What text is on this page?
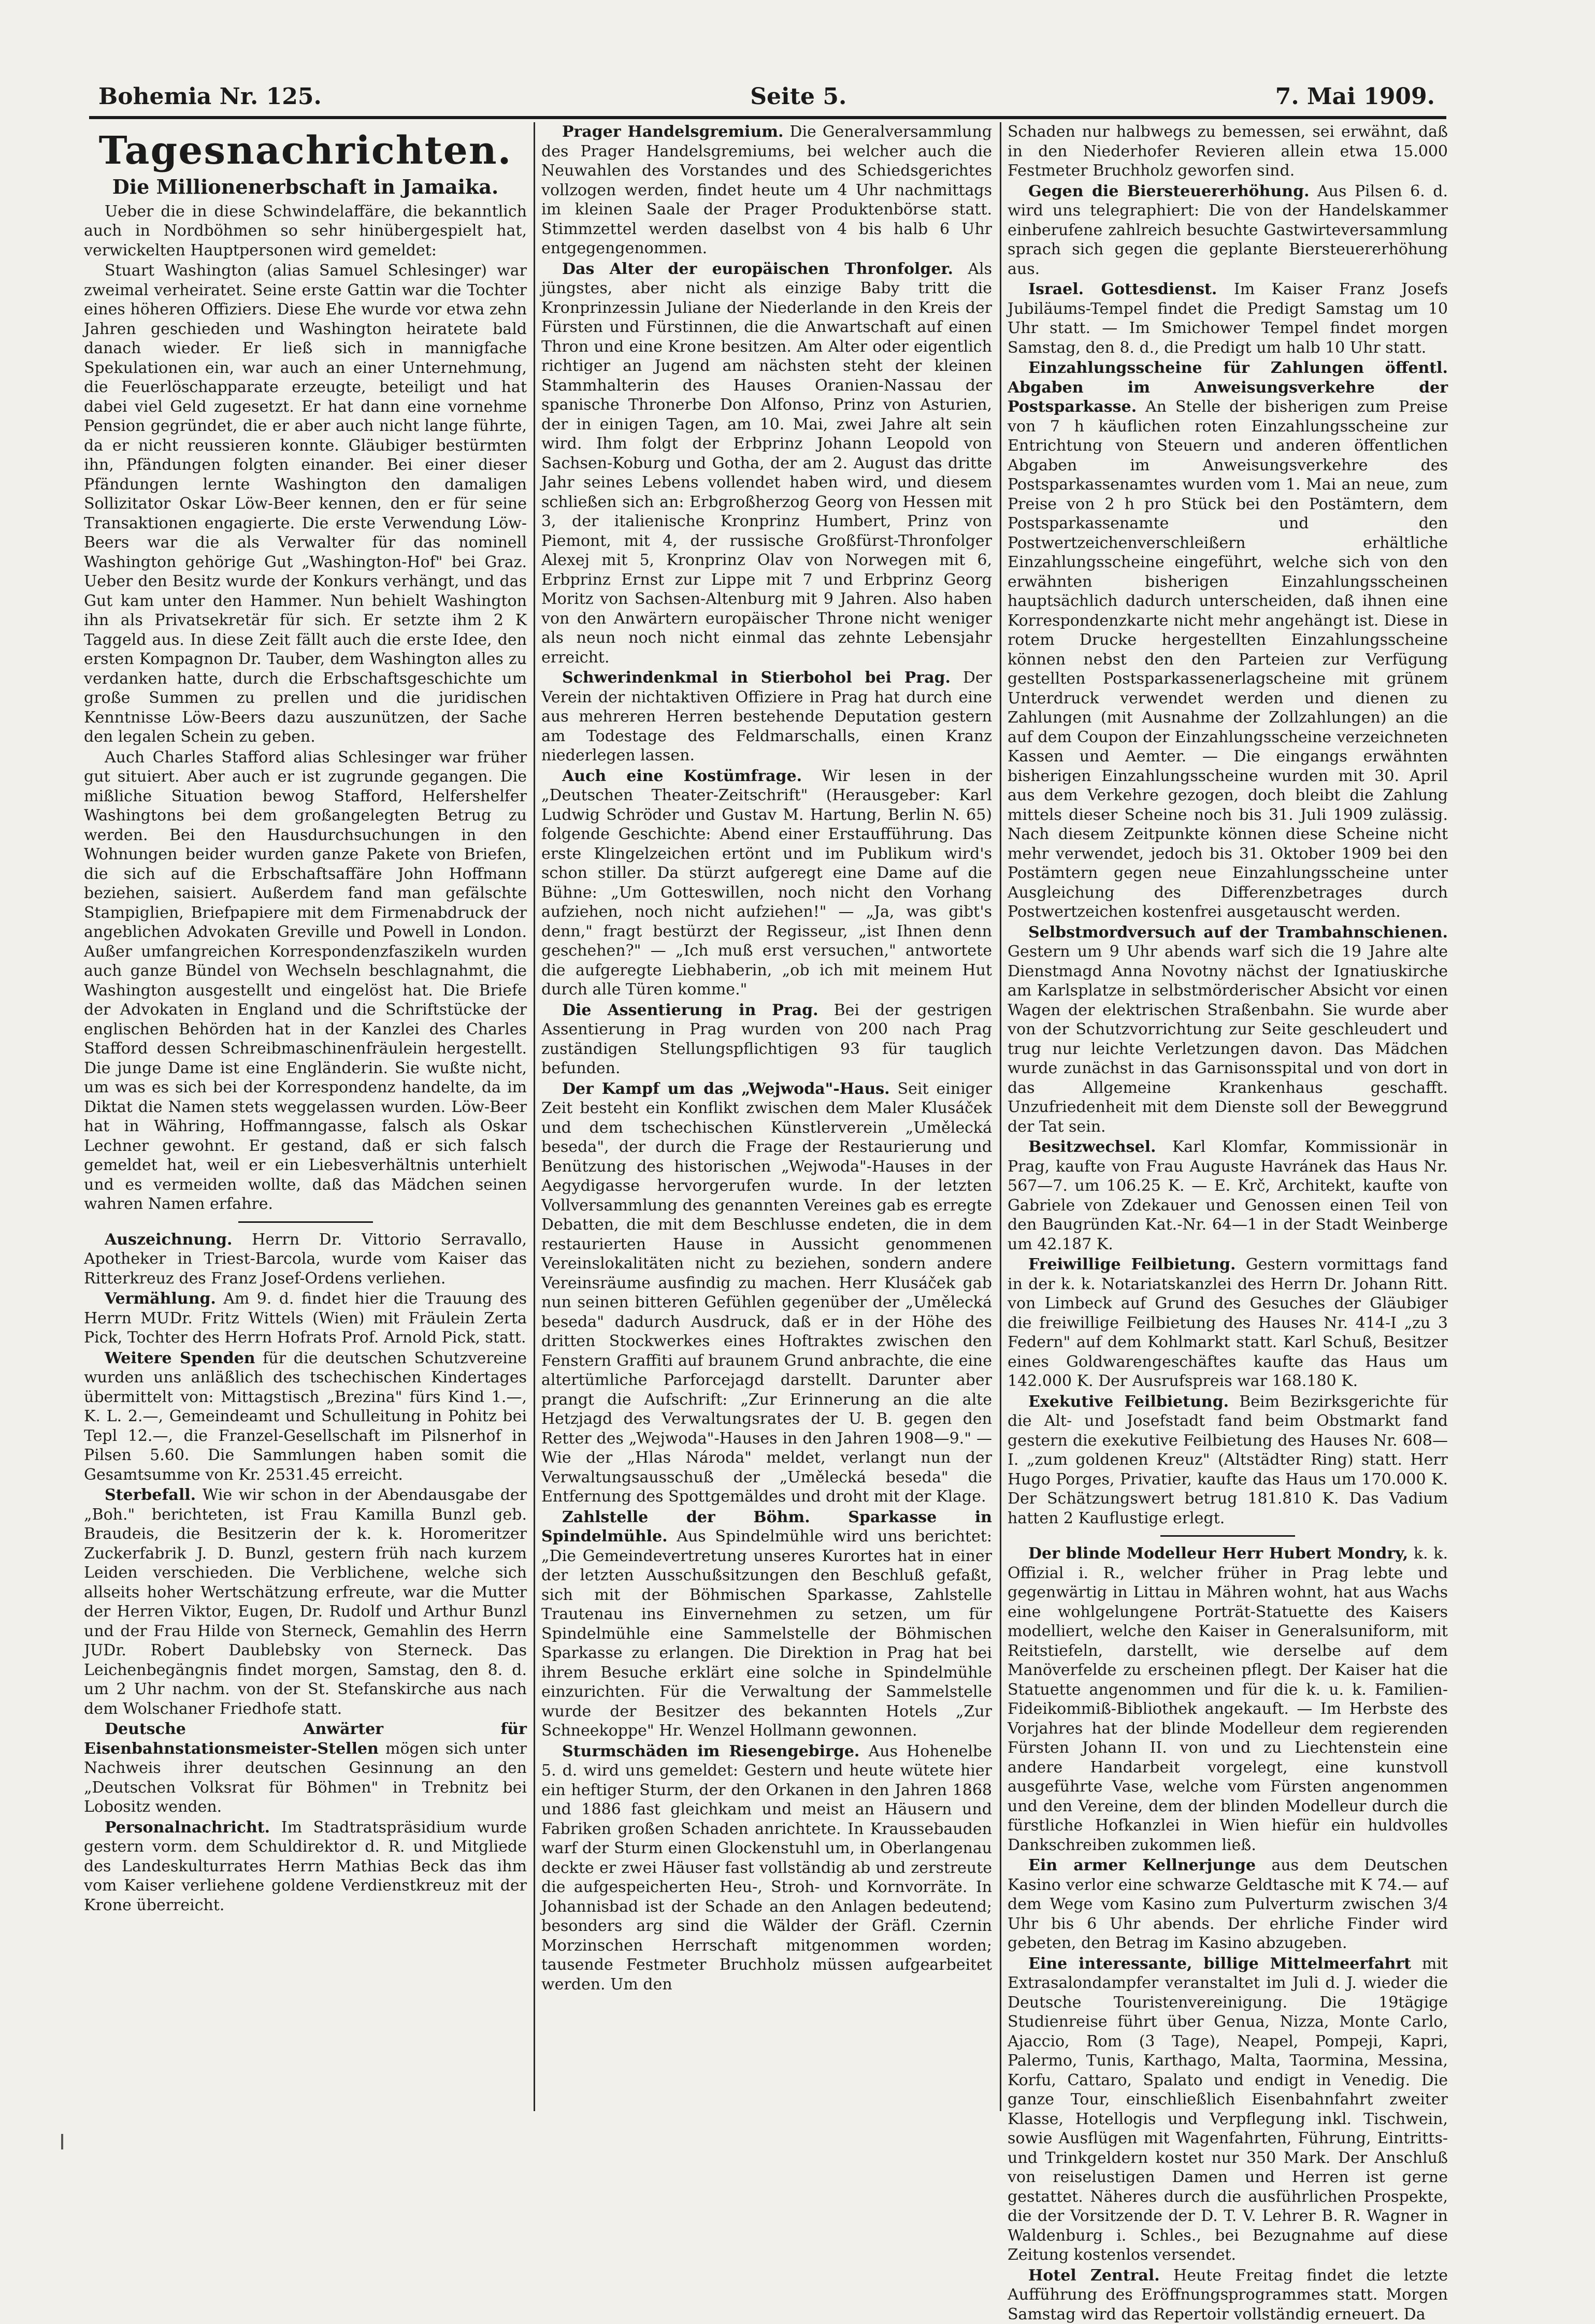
Bohemia Nr. 125.	Seite 5.	7. Mai 1909.
Tagesnachrichten.
Die Millionenerbschaft in Jamaika.

Ueber die in diese Schwindelaffäre, die bekanntlich auch in Nordböhmen so sehr hinübergespielt hat, verwickelten Hauptpersonen wird gemeldet:

Stuart Washington (alias Samuel Schlesinger) war zweimal verheiratet. Seine erste Gattin war die Tochter eines höheren Offiziers. Diese Ehe wurde vor etwa zehn Jahren geschieden und Washington heiratete bald danach wieder. Er ließ sich in mannigfache Spekulationen ein, war auch an einer Unternehmung, die Feuerlöschapparate erzeugte, beteiligt und hat dabei viel Geld zugesetzt. Er hat dann eine vornehme Pension gegründet, die er aber auch nicht lange führte, da er nicht reussieren konnte. Gläubiger bestürmten ihn, Pfändungen folgten einander. Bei einer dieser Pfändungen lernte Washington den damaligen Sollizitator Oskar Löw-Beer kennen, den er für seine Transaktionen engagierte. Die erste Verwendung Löw-Beers war die als Verwalter für das nominell Washington gehörige Gut „Washington-Hof" bei Graz. Ueber den Besitz wurde der Konkurs verhängt, und das Gut kam unter den Hammer. Nun behielt Washington ihn als Privatsekretär für sich. Er setzte ihm 2 K Taggeld aus. In diese Zeit fällt auch die erste Idee, den ersten Kompagnon Dr. Tauber, dem Washington alles zu verdanken hatte, durch die Erbschaftsgeschichte um große Summen zu prellen und die juridischen Kenntnisse Löw-Beers dazu auszunützen, der Sache den legalen Schein zu geben.

Auch Charles Stafford alias Schlesinger war früher gut situiert. Aber auch er ist zugrunde gegangen. Die mißliche Situation bewog Stafford, Helfershelfer Washingtons bei dem großangelegten Betrug zu werden. Bei den Hausdurchsuchungen in den Wohnungen beider wurden ganze Pakete von Briefen, die sich auf die Erbschaftsaffäre John Hoffmann beziehen, saisiert. Außerdem fand man gefälschte Stampiglien, Briefpapiere mit dem Firmenabdruck der angeblichen Advokaten Greville und Powell in London. Außer umfangreichen Korrespondenzfaszikeln wurden auch ganze Bündel von Wechseln beschlagnahmt, die Washington ausgestellt und eingelöst hat. Die Briefe der Advokaten in England und die Schriftstücke der englischen Behörden hat in der Kanzlei des Charles Stafford dessen Schreibmaschinenfräulein hergestellt. Die junge Dame ist eine Engländerin. Sie wußte nicht, um was es sich bei der Korrespondenz handelte, da im Diktat die Namen stets weggelassen wurden. Löw-Beer hat in Währing, Hoffmanngasse, falsch als Oskar Lechner gewohnt. Er gestand, daß er sich falsch gemeldet hat, weil er ein Liebesverhältnis unterhielt und es vermeiden wollte, daß das Mädchen seinen wahren Namen erfahre.

Auszeichnung. Herrn Dr. Vittorio Serravallo, Apotheker in Triest-Barcola, wurde vom Kaiser das Ritterkreuz des Franz Josef-Ordens verliehen.

Vermählung. Am 9. d. findet hier die Trauung des Herrn MUDr. Fritz Wittels (Wien) mit Fräulein Zerta Pick, Tochter des Herrn Hofrats Prof. Arnold Pick, statt.

Weitere Spenden für die deutschen Schutzvereine wurden uns anläßlich des tschechischen Kindertages übermittelt von: Mittagstisch „Brezina" fürs Kind 1.—, K. L. 2.—, Gemeindeamt und Schulleitung in Pohitz bei Tepl 12.—, die Franzel-Gesellschaft im Pilsnerhof in Pilsen 5.60. Die Sammlungen haben somit die Gesamtsumme von Kr. 2531.45 erreicht.

Sterbefall. Wie wir schon in der Abendausgabe der „Boh." berichteten, ist Frau Kamilla Bunzl geb. Braudeis, die Besitzerin der k. k. Horomeritzer Zuckerfabrik J. D. Bunzl, gestern früh nach kurzem Leiden verschieden. Die Verblichene, welche sich allseits hoher Wertschätzung erfreute, war die Mutter der Herren Viktor, Eugen, Dr. Rudolf und Arthur Bunzl und der Frau Hilde von Sterneck, Gemahlin des Herrn JUDr. Robert Daublebsky von Sterneck. Das Leichenbegängnis findet morgen, Samstag, den 8. d. um 2 Uhr nachm. von der St. Stefanskirche aus nach dem Wolschaner Friedhofe statt.

Deutsche Anwärter für Eisenbahnstationsmeister-Stellen mögen sich unter Nachweis ihrer deutschen Gesinnung an den „Deutschen Volksrat für Böhmen" in Trebnitz bei Lobositz wenden.

Personalnachricht. Im Stadtratspräsidium wurde gestern vorm. dem Schuldirektor d. R. und Mitgliede des Landeskulturrates Herrn Mathias Beck das ihm vom Kaiser verliehene goldene Verdienstkreuz mit der Krone überreicht.

Prager Handelsgremium. Die Generalversammlung des Prager Handelsgremiums, bei welcher auch die Neuwahlen des Vorstandes und des Schiedsgerichtes vollzogen werden, findet heute um 4 Uhr nachmittags im kleinen Saale der Prager Produktenbörse statt. Stimmzettel werden daselbst von 4 bis halb 6 Uhr entgegengenommen.

Das Alter der europäischen Thronfolger. Als jüngstes, aber nicht als einzige Baby tritt die Kronprinzessin Juliane der Niederlande in den Kreis der Fürsten und Fürstinnen, die die Anwartschaft auf einen Thron und eine Krone besitzen. Am Alter oder eigentlich richtiger an Jugend am nächsten steht der kleinen Stammhalterin des Hauses Oranien-Nassau der spanische Thronerbe Don Alfonso, Prinz von Asturien, der in einigen Tagen, am 10. Mai, zwei Jahre alt sein wird. Ihm folgt der Erbprinz Johann Leopold von Sachsen-Koburg und Gotha, der am 2. August das dritte Jahr seines Lebens vollendet haben wird, und diesem schließen sich an: Erbgroßherzog Georg von Hessen mit 3, der italienische Kronprinz Humbert, Prinz von Piemont, mit 4, der russische Großfürst-Thronfolger Alexej mit 5, Kronprinz Olav von Norwegen mit 6, Erbprinz Ernst zur Lippe mit 7 und Erbprinz Georg Moritz von Sachsen-Altenburg mit 9 Jahren. Also haben von den Anwärtern europäischer Throne nicht weniger als neun noch nicht einmal das zehnte Lebensjahr erreicht.

Schwerindenkmal in Stierbohol bei Prag. Der Verein der nichtaktiven Offiziere in Prag hat durch eine aus mehreren Herren bestehende Deputation gestern am Todestage des Feldmarschalls, einen Kranz niederlegen lassen.

Auch eine Kostümfrage. Wir lesen in der „Deutschen Theater-Zeitschrift" (Herausgeber: Karl Ludwig Schröder und Gustav M. Hartung, Berlin N. 65) folgende Geschichte: Abend einer Erstaufführung. Das erste Klingelzeichen ertönt und im Publikum wird's schon stiller. Da stürzt aufgeregt eine Dame auf die Bühne: „Um Gotteswillen, noch nicht den Vorhang aufziehen, noch nicht aufziehen!" — „Ja, was gibt's denn," fragt bestürzt der Regisseur, „ist Ihnen denn geschehen?" — „Ich muß erst versuchen," antwortete die aufgeregte Liebhaberin, „ob ich mit meinem Hut durch alle Türen komme."

Die Assentierung in Prag. Bei der gestrigen Assentierung in Prag wurden von 200 nach Prag zuständigen Stellungspflichtigen 93 für tauglich befunden.

Der Kampf um das „Wejwoda"-Haus. Seit einiger Zeit besteht ein Konflikt zwischen dem Maler Klusáček und dem tschechischen Künstlerverein „Umělecká beseda", der durch die Frage der Restaurierung und Benützung des historischen „Wejwoda"-Hauses in der Aegydigasse hervorgerufen wurde. In der letzten Vollversammlung des genannten Vereines gab es erregte Debatten, die mit dem Beschlusse endeten, die in dem restaurierten Hause in Aussicht genommenen Vereinslokalitäten nicht zu beziehen, sondern andere Vereinsräume ausfindig zu machen. Herr Klusáček gab nun seinen bitteren Gefühlen gegenüber der „Umělecká beseda" dadurch Ausdruck, daß er in der Höhe des dritten Stockwerkes eines Hoftraktes zwischen den Fenstern Graffiti auf braunem Grund anbrachte, die eine altertümliche Parforcejagd darstellt. Darunter aber prangt die Aufschrift: „Zur Erinnerung an die alte Hetzjagd des Verwaltungsrates der U. B. gegen den Retter des „Wejwoda"-Hauses in den Jahren 1908—9." — Wie der „Hlas Národa" meldet, verlangt nun der Verwaltungsausschuß der „Umělecká beseda" die Entfernung des Spottgemäldes und droht mit der Klage.

Zahlstelle der Böhm. Sparkasse in Spindelmühle. Aus Spindelmühle wird uns berichtet: „Die Gemeindevertretung unseres Kurortes hat in einer der letzten Ausschußsitzungen den Beschluß gefaßt, sich mit der Böhmischen Sparkasse, Zahlstelle Trautenau ins Einvernehmen zu setzen, um für Spindelmühle eine Sammelstelle der Böhmischen Sparkasse zu erlangen. Die Direktion in Prag hat bei ihrem Besuche erklärt eine solche in Spindelmühle einzurichten. Für die Verwaltung der Sammelstelle wurde der Besitzer des bekannten Hotels „Zur Schneekoppe" Hr. Wenzel Hollmann gewonnen.

Sturmschäden im Riesengebirge. Aus Hohenelbe 5. d. wird uns gemeldet: Gestern und heute wütete hier ein heftiger Sturm, der den Orkanen in den Jahren 1868 und 1886 fast gleichkam und meist an Häusern und Fabriken großen Schaden anrichtete. In Kraussebauden warf der Sturm einen Glockenstuhl um, in Oberlangenau deckte er zwei Häuser fast vollständig ab und zerstreute die aufgespeicherten Heu-, Stroh- und Kornvorräte. In Johannisbad ist der Schade an den Anlagen bedeutend; besonders arg sind die Wälder der Gräfl. Czernin Morzinschen Herrschaft mitgenommen worden; tausende Festmeter Bruchholz müssen aufgearbeitet werden. Um den

Schaden nur halbwegs zu bemessen, sei erwähnt, daß in den Niederhofer Revieren allein etwa 15.000 Festmeter Bruchholz geworfen sind.

Gegen die Biersteuererhöhung. Aus Pilsen 6. d. wird uns telegraphiert: Die von der Handelskammer einberufene zahlreich besuchte Gastwirteversammlung sprach sich gegen die geplante Biersteuererhöhung aus.

Israel. Gottesdienst. Im Kaiser Franz Josefs Jubiläums-Tempel findet die Predigt Samstag um 10 Uhr statt. — Im Smichower Tempel findet morgen Samstag, den 8. d., die Predigt um halb 10 Uhr statt.

Einzahlungsscheine für Zahlungen öffentl. Abgaben im Anweisungsverkehre der Postsparkasse. An Stelle der bisherigen zum Preise von 7 h käuflichen roten Einzahlungsscheine zur Entrichtung von Steuern und anderen öffentlichen Abgaben im Anweisungsverkehre des Postsparkassenamtes wurden vom 1. Mai an neue, zum Preise von 2 h pro Stück bei den Postämtern, dem Postsparkassenamte und den Postwertzeichenverschleißern erhältliche Einzahlungsscheine eingeführt, welche sich von den erwähnten bisherigen Einzahlungsscheinen hauptsächlich dadurch unterscheiden, daß ihnen eine Korrespondenzkarte nicht mehr angehängt ist. Diese in rotem Drucke hergestellten Einzahlungsscheine können nebst den den Parteien zur Verfügung gestellten Postsparkassenerlagscheine mit grünem Unterdruck verwendet werden und dienen zu Zahlungen (mit Ausnahme der Zollzahlungen) an die auf dem Coupon der Einzahlungsscheine verzeichneten Kassen und Aemter. — Die eingangs erwähnten bisherigen Einzahlungsscheine wurden mit 30. April aus dem Verkehre gezogen, doch bleibt die Zahlung mittels dieser Scheine noch bis 31. Juli 1909 zulässig. Nach diesem Zeitpunkte können diese Scheine nicht mehr verwendet, jedoch bis 31. Oktober 1909 bei den Postämtern gegen neue Einzahlungsscheine unter Ausgleichung des Differenzbetrages durch Postwertzeichen kostenfrei ausgetauscht werden.

Selbstmordversuch auf der Trambahnschienen. Gestern um 9 Uhr abends warf sich die 19 Jahre alte Dienstmagd Anna Novotny nächst der Ignatiuskirche am Karlsplatze in selbstmörderischer Absicht vor einen Wagen der elektrischen Straßenbahn. Sie wurde aber von der Schutzvorrichtung zur Seite geschleudert und trug nur leichte Verletzungen davon. Das Mädchen wurde zunächst in das Garnisonsspital und von dort in das Allgemeine Krankenhaus geschafft. Unzufriedenheit mit dem Dienste soll der Beweggrund der Tat sein.

Besitzwechsel. Karl Klomfar, Kommissionär in Prag, kaufte von Frau Auguste Havránek das Haus Nr. 567—7. um 106.25 K. — E. Krč, Architekt, kaufte von Gabriele von Zdekauer und Genossen einen Teil von den Baugründen Kat.-Nr. 64—1 in der Stadt Weinberge um 42.187 K.

Freiwillige Feilbietung. Gestern vormittags fand in der k. k. Notariatskanzlei des Herrn Dr. Johann Ritt. von Limbeck auf Grund des Gesuches der Gläubiger die freiwillige Feilbietung des Hauses Nr. 414-I „zu 3 Federn" auf dem Kohlmarkt statt. Karl Schuß, Besitzer eines Goldwarengeschäftes kaufte das Haus um 142.000 K. Der Ausrufspreis war 168.180 K.

Exekutive Feilbietung. Beim Bezirksgerichte für die Alt- und Josefstadt fand beim Obstmarkt fand gestern die exekutive Feilbietung des Hauses Nr. 608—I. „zum goldenen Kreuz" (Altstädter Ring) statt. Herr Hugo Porges, Privatier, kaufte das Haus um 170.000 K. Der Schätzungswert betrug 181.810 K. Das Vadium hatten 2 Kauflustige erlegt.

Der blinde Modelleur Herr Hubert Mondry, k. k. Offizial i. R., welcher früher in Prag lebte und gegenwärtig in Littau in Mähren wohnt, hat aus Wachs eine wohlgelungene Porträt-Statuette des Kaisers modelliert, welche den Kaiser in Generalsuniform, mit Reitstiefeln, darstellt, wie derselbe auf dem Manöverfelde zu erscheinen pflegt. Der Kaiser hat die Statuette angenommen und für die k. u. k. Familien-Fideikommiß-Bibliothek angekauft. — Im Herbste des Vorjahres hat der blinde Modelleur dem regierenden Fürsten Johann II. von und zu Liechtenstein eine andere Handarbeit vorgelegt, eine kunstvoll ausgeführte Vase, welche vom Fürsten angenommen und den Vereine, dem der blinden Modelleur durch die fürstliche Hofkanzlei in Wien hiefür ein huldvolles Dankschreiben zukommen ließ.

Ein armer Kellnerjunge aus dem Deutschen Kasino verlor eine schwarze Geldtasche mit K 74.— auf dem Wege vom Kasino zum Pulverturm zwischen 3/4 Uhr bis 6 Uhr abends. Der ehrliche Finder wird gebeten, den Betrag im Kasino abzugeben.

Eine interessante, billige Mittelmeerfahrt mit Extrasalondampfer veranstaltet im Juli d. J. wieder die Deutsche Touristenvereinigung. Die 19tägige Studienreise führt über Genua, Nizza, Monte Carlo, Ajaccio, Rom (3 Tage), Neapel, Pompeji, Kapri, Palermo, Tunis, Karthago, Malta, Taormina, Messina, Korfu, Cattaro, Spalato und endigt in Venedig. Die ganze Tour, einschließlich Eisenbahnfahrt zweiter Klasse, Hotellogis und Verpflegung inkl. Tischwein, sowie Ausflügen mit Wagenfahrten, Führung, Eintritts- und Trinkgeldern kostet nur 350 Mark. Der Anschluß von reiselustigen Damen und Herren ist gerne gestattet. Näheres durch die ausführlichen Prospekte, die der Vorsitzende der D. T. V. Lehrer B. R. Wagner in Waldenburg i. Schles., bei Bezugnahme auf diese Zeitung kostenlos versendet.

Hotel Zentral. Heute Freitag findet die letzte Aufführung des Eröffnungsprogrammes statt. Morgen Samstag wird das Repertoir vollständig erneuert. Da
